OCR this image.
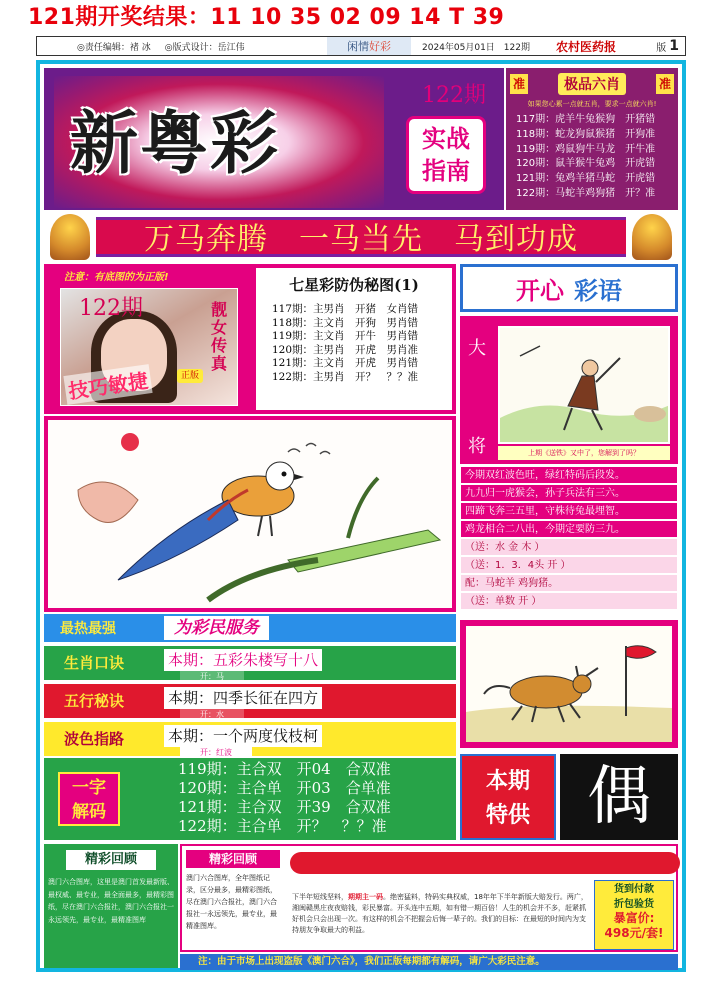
121期开奖结果：11 10 35 02 09 14 T 39
◎责任编辑：褚 冰 ◎版式设计：岳江伟	闲情 好彩	2024年05月01日　122期	农村医药报	版 1
新粤彩
122期
实战
指南
准	极品六肖	准
如果您心累一点就五肖，要求一点就六肖!
117期：虎羊牛兔猴狗　开猪错
118期：蛇龙狗鼠猴猪　开狗准
119期：鸡鼠狗牛马龙　开牛准
120期：鼠羊猴牛兔鸡　开虎错
121期：兔鸡羊猪马蛇　开虎错
122期：马蛇羊鸡狗猪　开？准
万马奔腾　一马当先　马到功成
注意：有底图的为正版!
122期	靓女传真
正版
技巧敏捷
七星彩防伪秘图(1)
117期：主男肖　开猪　女肖错
118期：主文肖　开狗　男肖错
119期：主文肖　开牛　男肖错
120期：主男肖　开虎　男肖准
121期：主文肖　开虎　男肖错
122期：主男肖　开？　？？准
开心 彩语
大
将	上期《送铁》又中了，您解到了吗？
今期双红波色旺，绿红特码后段发。
九九归一虎猴会，孙子兵法有三六。
四蹄飞奔三五里，守株待兔最埋智。
鸡龙相合二八出，今期定要防三九。
（送：水 金 木 ）
（送：1．3．4头 开 ）
配：马蛇羊 鸡狗猪。
（送：单数 开 ）
最热最强	为彩民服务
生肖口诀	本期：五彩朱楼写十八
开：马
五行秘诀	本期：四季长征在四方
开：水
波色指路	本期：一个两度伐枝柯
开：红波
一字
解码
119期：主合双　开04　合双准
120期：主合单　开03　合单准
121期：主合双　开39　合双准
122期：主合单　开？　？？准
本期
特供 偶
精彩回顾
澳门六合图库，这里是澳门首发最新版、最权威、最专业，最全面最多，最精彩图纸，尽在澳门六合报社，澳门六合报社一永远领先，最专业，最精准图库
精彩回顾
澳门六合图库，全年图纸记录，区分最多，最精彩图纸，尽在澳门六合报社，澳门六合报社一永远领先，最专业，最精准图库。
下半年短线坚料，期期主一码。绝密猛料，特码实典权威，18年年下半年新版大赔发行。两广，湘闽赣黑庄夜夜赔钱，彩民暴富。开头连中五期，如有错一期百倍！人生的机会并不多，赶紧抓好机会只会出现一次。有这样的机会不把握会后悔一辈子的。我们的目标：在最短的时间内为支持朋友争取最大的利益。
货到付款
折包验货
暴富价:
498元/套!
注：由于市场上出现盗版《澳门六合》，我们正版每期都有解码，请广大彩民注意。
